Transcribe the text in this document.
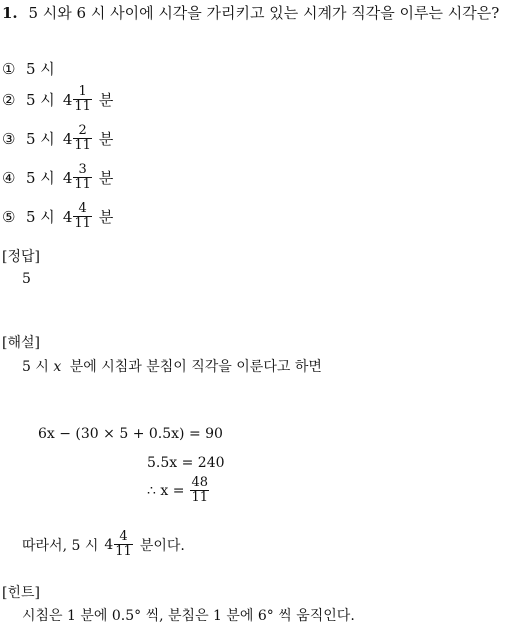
1. 5 시와 6 시 사이에 시각을 가리키고 있는 시계가 직각을 이루는 시각은?
① 5 시
② 5 시 $4 \frac{1}{11}$ 분
③ 5 시 $4 \frac{2}{11}$ 분
④ 5 시 $4 \frac{3}{11}$ 분
⑤ 5 시 $4 \frac{4}{11}$ 분
[정답]
5
[해설]
5 시 x 분에 시침과 분침이 직각을 이룬다고 하면
6x − (30 × 5 + 0.5x) = 90
5.5x = 240
∴ $x = \frac{48}{11}$
따라서, 5 시 $4 \frac{4}{11}$ 분이다.
[힌트]
시침은 1 분에 0.5° 씩, 분침은 1 분에 6° 씩 움직인다.
